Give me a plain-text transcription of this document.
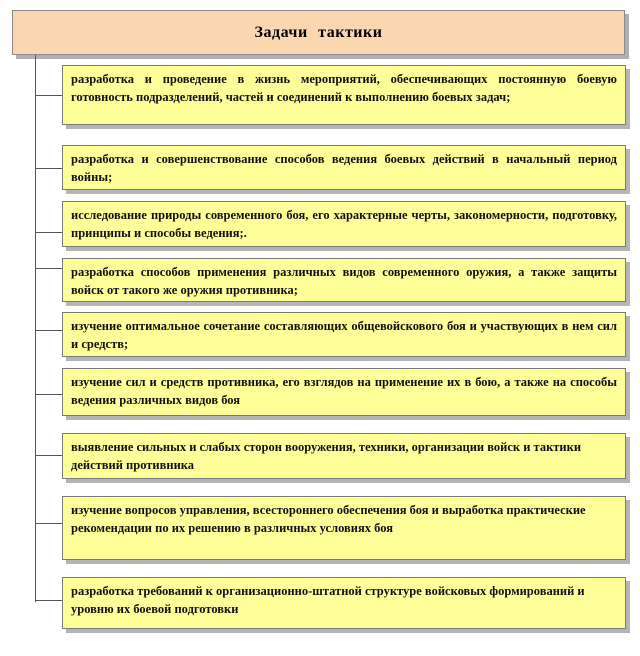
Задачи тактики
разработка и проведение в жизнь мероприятий, обеспечивающих постоянную боевую готовность подразделений, частей и соединений к выполнению боевых задач;
разработка и совершенствование способов ведения боевых действий в начальный период войны;
исследование природы современного боя, его характерные черты, закономерности, подготовку, принципы и способы ведения;.
разработка способов применения различных видов современного оружия, а также защиты войск от такого же оружия противника;
изучение оптимальное сочетание составляющих общевойскового боя и участвующих в нем сил и средств;
изучение сил и средств противника, его взглядов на применение их в бою, а также на способы ведения различных видов боя
выявление сильных и слабых сторон вооружения, техники, организации войск и тактики действий противника
изучение вопросов управления, всестороннего обеспечения боя и выработка практические рекомендации по их решению в различных условиях боя
разработка требований к организационно-штатной структуре войсковых формирований и уровню их боевой подготовки
